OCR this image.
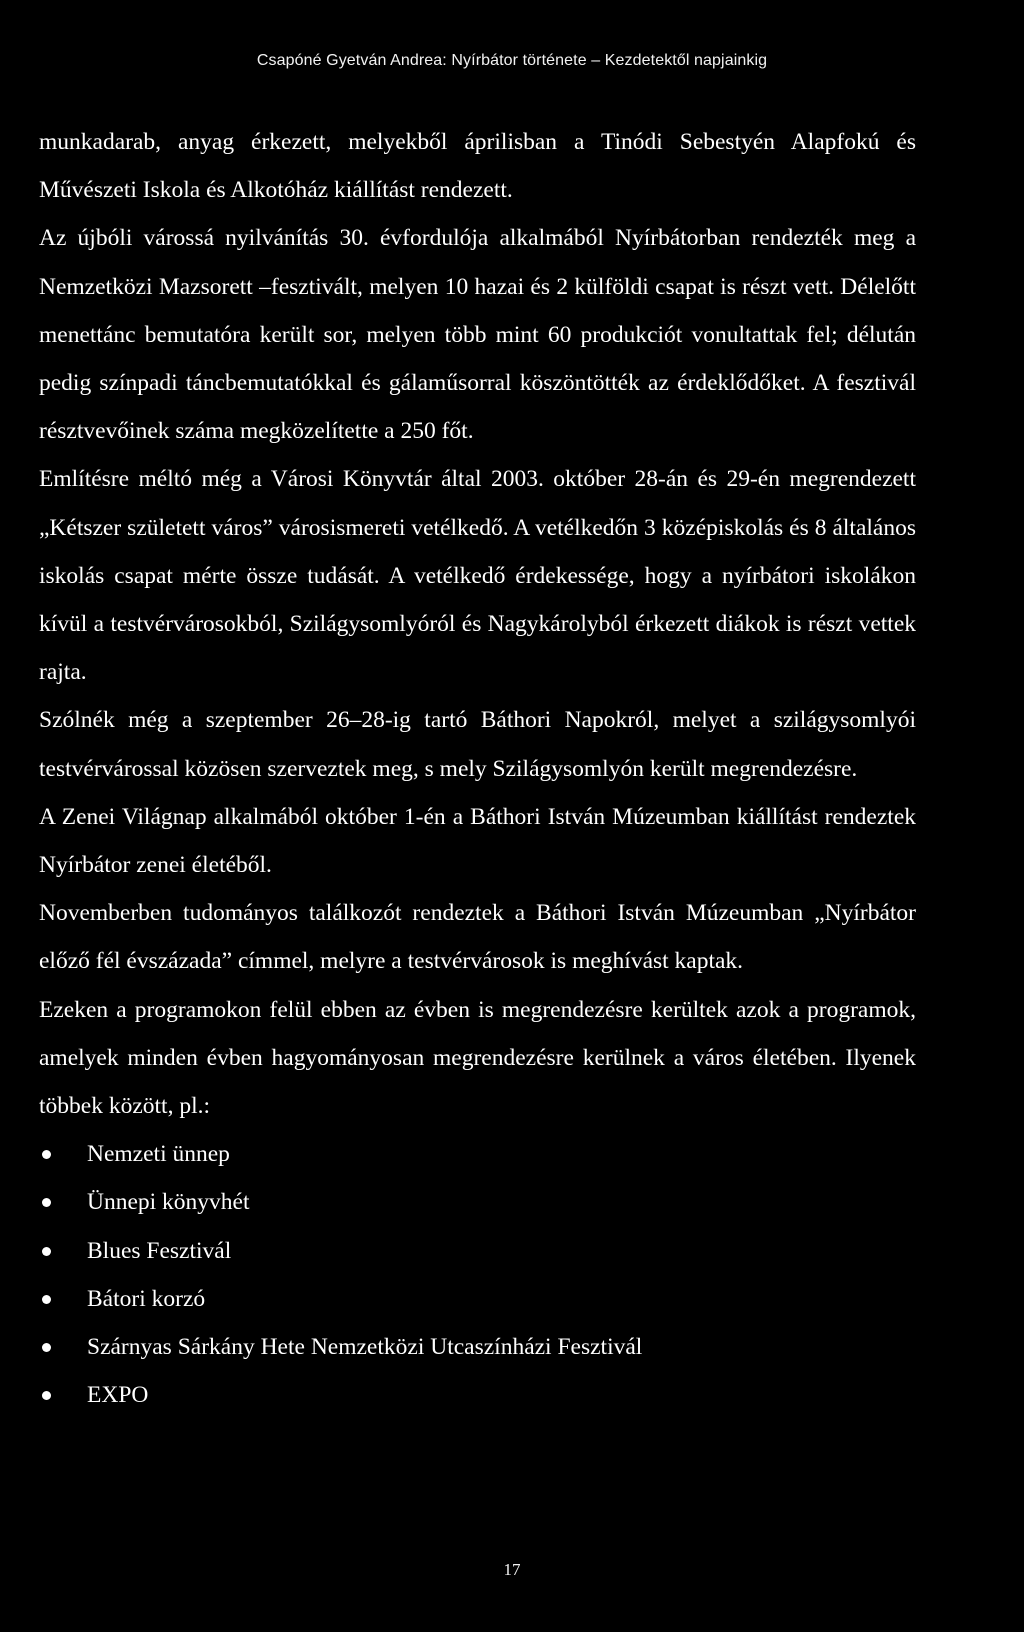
Csapóné Gyetván Andrea: Nyírbátor története – Kezdetektől napjainkig

munkadarab, anyag érkezett, melyekből áprilisban a Tinódi Sebestyén Alapfokú és Művészeti Iskola és Alkotóház kiállítást rendezett.

Az újbóli várossá nyilvánítás 30. évfordulója alkalmából Nyírbátorban rendezték meg a Nemzetközi Mazsorett –fesztivált, melyen 10 hazai és 2 külföldi csapat is részt vett. Délelőtt menettánc bemutatóra került sor, melyen több mint 60 produkciót vonultattak fel; délután pedig színpadi táncbemutatókkal és gálaműsorral köszöntötték az érdeklődőket. A fesztivál résztvevőinek száma megközelítette a 250 főt.

Említésre méltó még a Városi Könyvtár által 2003. október 28-án és 29-én megrendezett „Kétszer született város” városismereti vetélkedő. A vetélkedőn 3 középiskolás és 8 általános iskolás csapat mérte össze tudását. A vetélkedő érdekessége, hogy a nyírbátori iskolákon kívül a testvérvárosokból, Szilágysomlyóról és Nagykárolyból érkezett diákok is részt vettek rajta.

Szólnék még a szeptember 26–28-ig tartó Báthori Napokról, melyet a szilágysomlyói testvérvárossal közösen szerveztek meg, s mely Szilágysomlyón került megrendezésre.

A Zenei Világnap alkalmából október 1-én a Báthori István Múzeumban kiállítást rendeztek Nyírbátor zenei életéből.

Novemberben tudományos találkozót rendeztek a Báthori István Múzeumban „Nyírbátor előző fél évszázada” címmel, melyre a testvérvárosok is meghívást kaptak.

Ezeken a programokon felül ebben az évben is megrendezésre kerültek azok a programok, amelyek minden évben hagyományosan megrendezésre kerülnek a város életében. Ilyenek többek között, pl.:

Nemzeti ünnep
Ünnepi könyvhét
Blues Fesztivál
Bátori korzó
Szárnyas Sárkány Hete Nemzetközi Utcaszínházi Fesztivál
EXPO
17
